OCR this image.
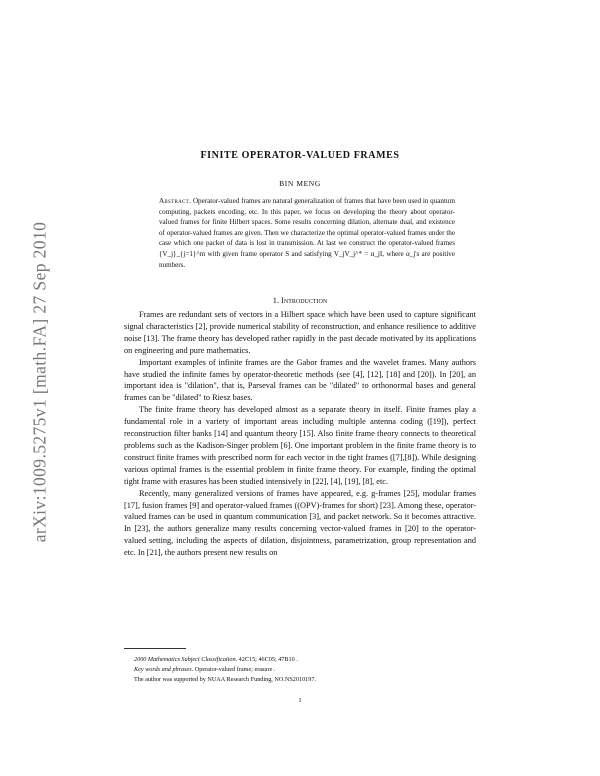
arXiv:1009.5275v1 [math.FA] 27 Sep 2010
FINITE OPERATOR-VALUED FRAMES
BIN MENG
Abstract. Operator-valued frames are natural generalization of frames that have been used in quantum computing, packets encoding, etc. In this paper, we focus on developing the theory about operator-valued frames for finite Hilbert spaces. Some results concerning dilation, alternate dual, and existence of operator-valued frames are given. Then we characterize the optimal operator-valued frames under the case which one packet of data is lost in transmission. At last we construct the operator-valued frames {V_j}_{j=1}^m with given frame operator S and satisfying V_jV_j^* = α_jI, where α_j's are positive numbers.
1. Introduction

Frames are redundant sets of vectors in a Hilbert space which have been used to capture significant signal characteristics [2], provide numerical stability of reconstruction, and enhance resilience to additive noise [13]. The frame theory has developed rather rapidly in the past decade motivated by its applications on engineering and pure mathematics.

Important examples of infinite frames are the Gabor frames and the wavelet frames. Many authors have studied the infinite fames by operator-theoretic methods (see [4], [12], [18] and [20]). In [20], an important idea is "dilation", that is, Parseval frames can be "dilated" to orthonormal bases and general frames can be "dilated" to Riesz bases.

The finite frame theory has developed almost as a separate theory in itself. Finite frames play a fundamental role in a variety of important areas including multiple antenna coding ([19]), perfect reconstruction filter banks [14] and quantum theory [15]. Also finite frame theory connects to theoretical problems such as the Kadison-Singer problem [6]. One important problem in the finite frame theory is to construct finite frames with prescribed norm for each vector in the tight frames ([7],[8]). While designing various optimal frames is the essential problem in finite frame theory. For example, finding the optimal tight frame with erasures has been studied intensively in [22], [4], [19], [8], etc.

Recently, many generalized versions of frames have appeared, e.g. g-frames [25], modular frames [17], fusion frames [9] and operator-valued frames ((OPV)-frames for short) [23]. Among these, operator-valued frames can be used in quantum communication [3], and packet network. So it becomes attractive. In [23], the authors generalize many results concerning vector-valued frames in [20] to the operator-valued setting, including the aspects of dilation, disjointness, parametrization, group representation and etc. In [21], the authors present new results on

2000 Mathematics Subject Classification. 42C15; 46C05; 47B10 .
Key words and phrases. Operator-valued frame; erasure .
The author was supported by NUAA Research Funding, NO.NS2010197.
1
